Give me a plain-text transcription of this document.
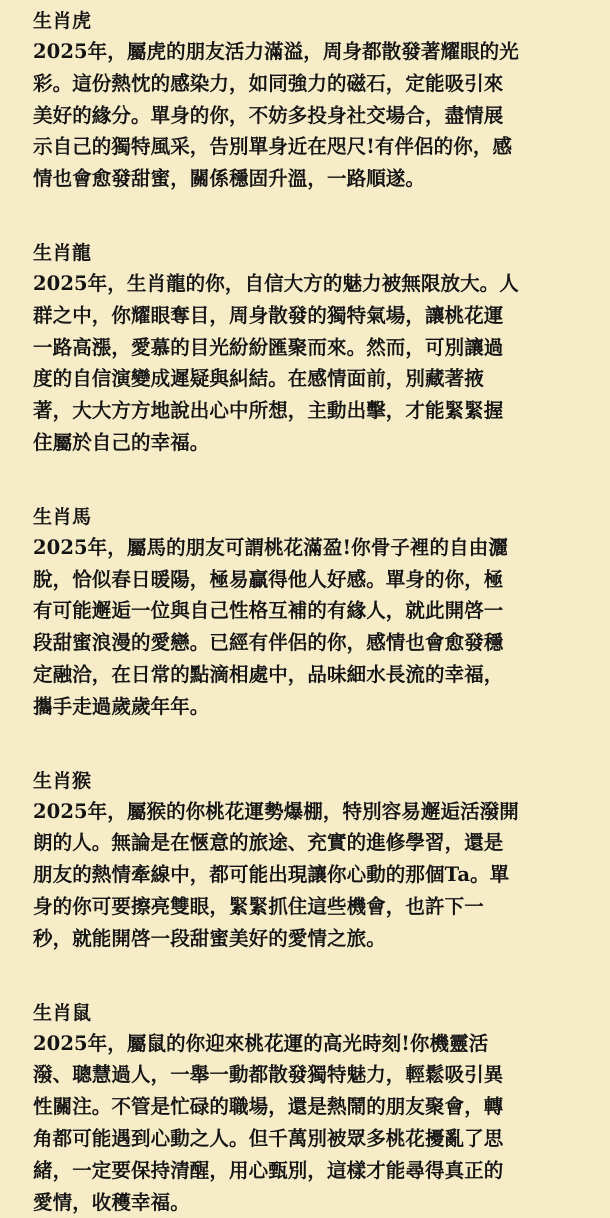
生肖虎
2025年，屬虎的朋友活力滿溢，周身都散發著耀眼的光
彩。這份熱忱的感染力，如同強力的磁石，定能吸引來
美好的緣分。單身的你，不妨多投身社交場合，盡情展
示自己的獨特風采，告別單身近在咫尺!有伴侶的你，感
情也會愈發甜蜜，關係穩固升溫，一路順遂。
生肖龍
2025年，生肖龍的你，自信大方的魅力被無限放大。人
群之中，你耀眼奪目，周身散發的獨特氣場，讓桃花運
一路高漲，愛慕的目光紛紛匯聚而來。然而，可別讓過
度的自信演變成遲疑與糾結。在感情面前，別藏著掖
著，大大方方地說出心中所想，主動出擊，才能緊緊握
住屬於自己的幸福。
生肖馬
2025年，屬馬的朋友可謂桃花滿盈!你骨子裡的自由灑
脫，恰似春日暖陽，極易贏得他人好感。單身的你，極
有可能邂逅一位與自己性格互補的有緣人，就此開啓一
段甜蜜浪漫的愛戀。已經有伴侶的你，感情也會愈發穩
定融洽，在日常的點滴相處中，品味細水長流的幸福，
攜手走過歲歲年年。
生肖猴
2025年，屬猴的你桃花運勢爆棚，特別容易邂逅活潑開
朗的人。無論是在愜意的旅途、充實的進修學習，還是
朋友的熱情牽線中，都可能出現讓你心動的那個Ta。單
身的你可要擦亮雙眼，緊緊抓住這些機會，也許下一
秒，就能開啓一段甜蜜美好的愛情之旅。
生肖鼠
2025年，屬鼠的你迎來桃花運的高光時刻!你機靈活
潑、聰慧過人，一舉一動都散發獨特魅力，輕鬆吸引異
性關注。不管是忙碌的職場，還是熱鬧的朋友聚會，轉
角都可能遇到心動之人。但千萬別被眾多桃花擾亂了思
緒，一定要保持清醒，用心甄別，這樣才能尋得真正的
愛情，收穫幸福。
